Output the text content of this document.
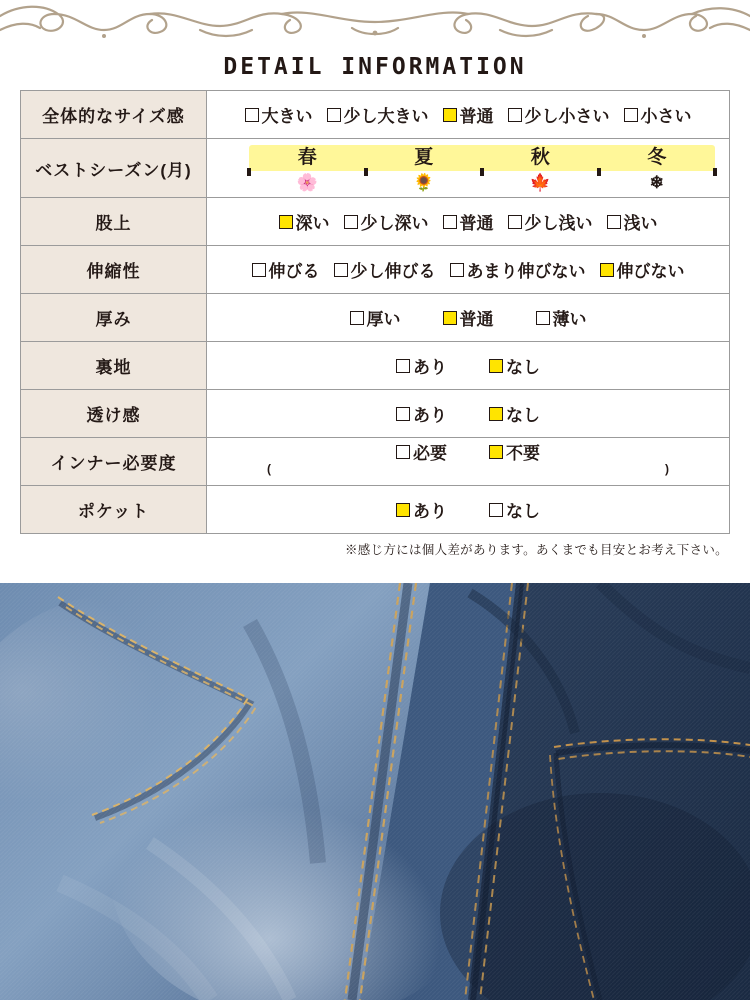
DETAIL INFORMATION
全体的なサイズ感	大きい 少し大きい 普通 少し小さい 小さい

ベストシーズン(月)	
春	夏	秋	冬
🌸	🌻	🍁	❄

股上	深い 少し深い 普通 少し浅い 浅い

伸縮性	伸びる 少し伸びる あまり伸びない 伸びない

厚み	厚い 普通 薄い

裏地	あり なし

透け感	あり なし

インナー必要度	必要 不要
( )

ポケット	あり なし
※感じ方には個人差があります。あくまでも目安とお考え下さい。
